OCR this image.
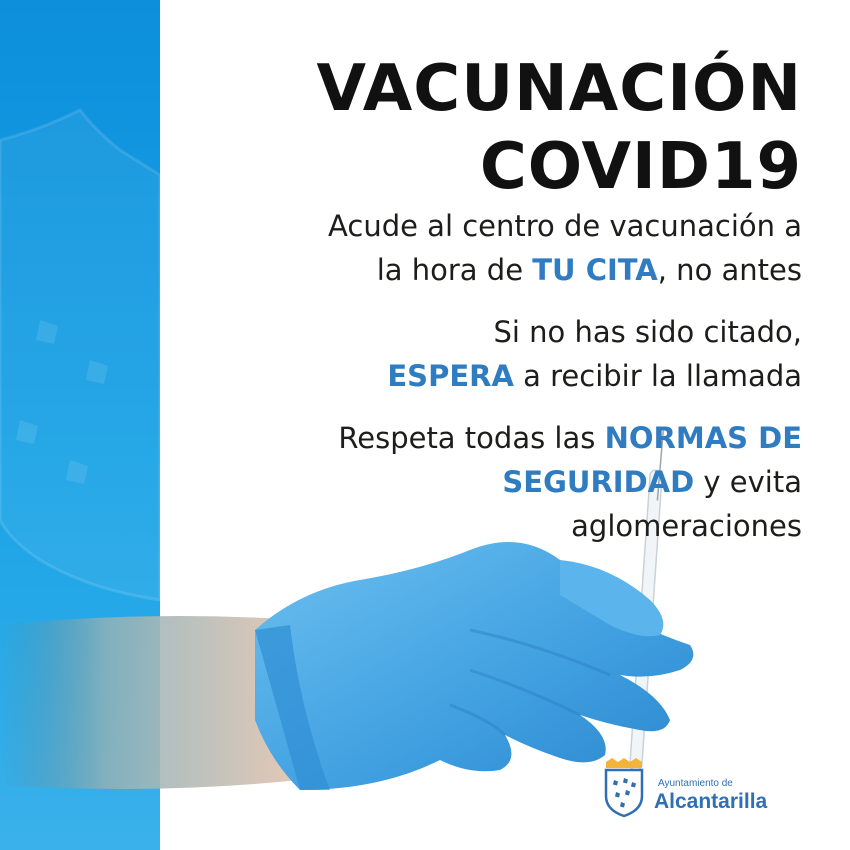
VACUNACIÓN
COVID19

Acude al centro de vacunación a
la hora de TU CITA, no antes

Si no has sido citado,
ESPERA a recibir la llamada

Respeta todas las NORMAS DE
SEGURIDAD y evita
aglomeraciones

Ayuntamiento de
Alcantarilla
